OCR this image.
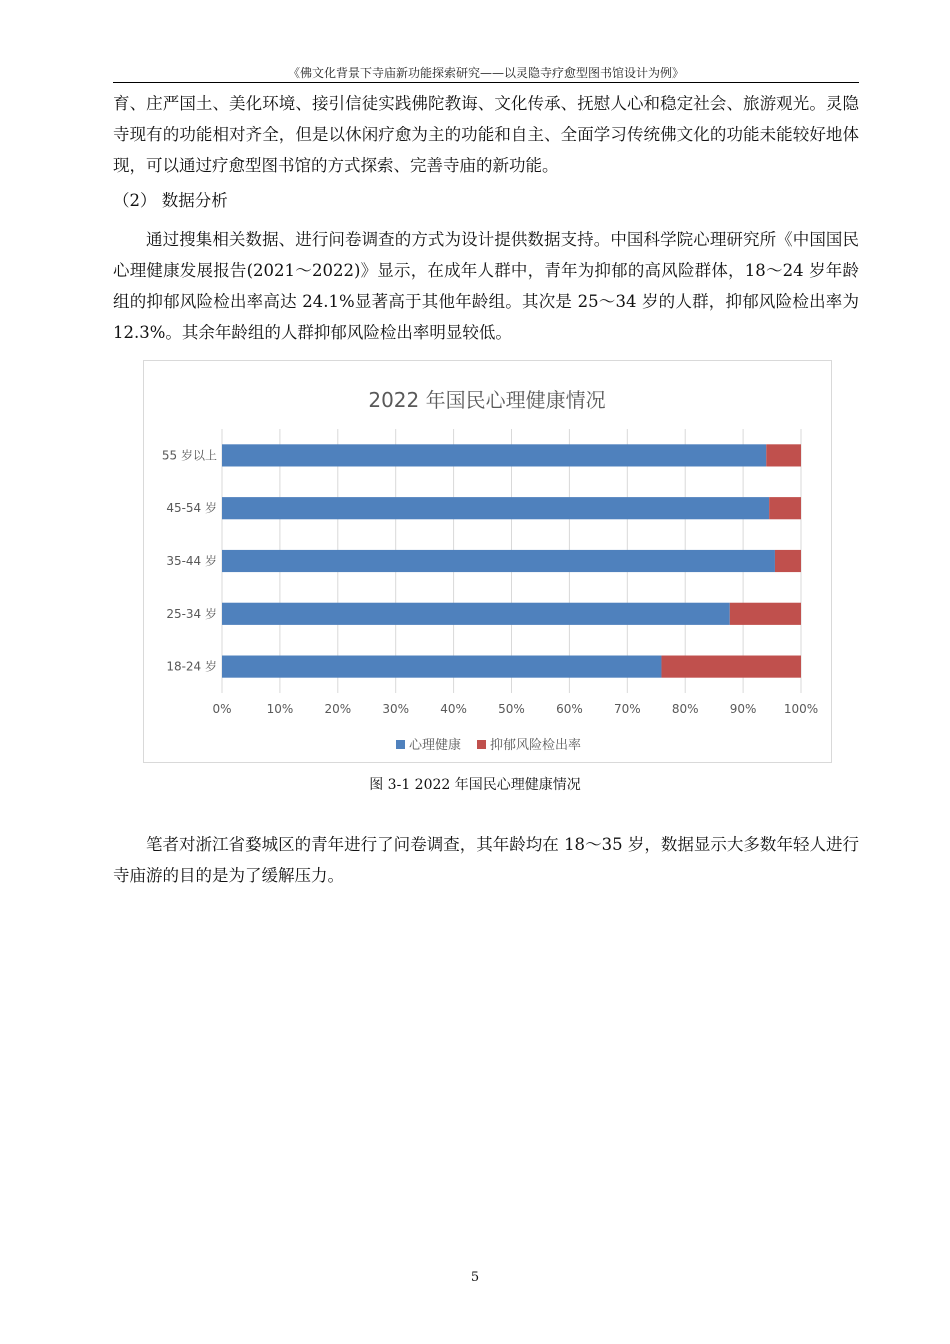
《佛文化背景下寺庙新功能探索研究——以灵隐寺疗愈型图书馆设计为例》
育、庄严国土、美化环境、接引信徒实践佛陀教诲、文化传承、抚慰人心和稳定社会、旅游观光。灵隐寺现有的功能相对齐全，但是以休闲疗愈为主的功能和自主、全面学习传统佛文化的功能未能较好地体现，可以通过疗愈型图书馆的方式探索、完善寺庙的新功能。
（2） 数据分析
通过搜集相关数据、进行问卷调查的方式为设计提供数据支持。中国科学院心理研究所《中国国民心理健康发展报告(2021～2022)》显示，在成年人群中，青年为抑郁的高风险群体，18～24 岁年龄组的抑郁风险检出率高达 24.1%显著高于其他年龄组。其次是 25～34 岁的人群，抑郁风险检出率为 12.3%。其余年龄组的人群抑郁风险检出率明显较低。
2022 年国民心理健康情况
0%	10%	20%	30%	40%	50%	60%	70%	80%	90% 100%
55 岁以上
45-54 岁
35-44 岁
25-34 岁
18-24 岁
心理健康 抑郁风险检出率
图 3-1 2022 年国民心理健康情况
笔者对浙江省婺城区的青年进行了问卷调查，其年龄均在 18～35 岁，数据显示大多数年轻人进行寺庙游的目的是为了缓解压力。
5
